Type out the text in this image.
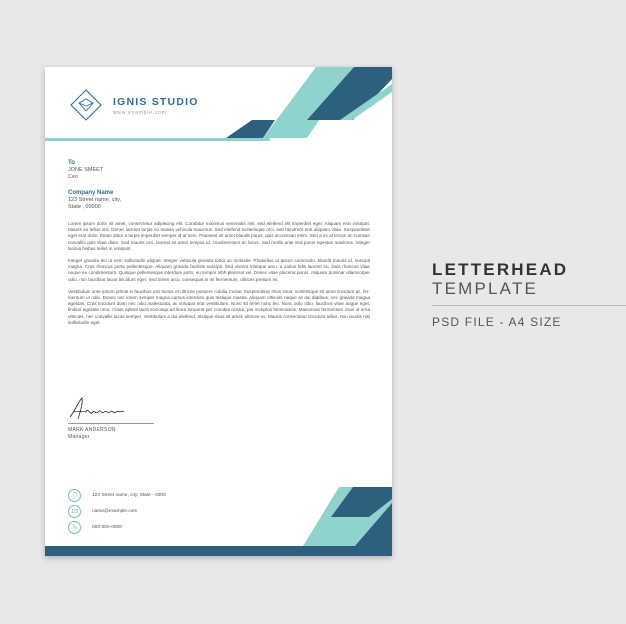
IGNIS STUDIO
www.example.com
To
JONE SMEET
Ceo
Company Name
123 Street name, city,
State , 00000

Lorem ipsum dolor sit amet, consectetur adipiscing elit. Curabitur maximus venenatis nisl, sed eleifend elit imperdiet eget. Aliquam erat volutpat. Mauris eu tellus nisl. Donec laoreet turpis eu massa vehicula maximus. Sed eleifend scelerisque orci, sed hendrerit erat aliquam vitae. Suspendisse eget erat dolor. Etiam dolor a turpis imperdiet semper id at sem. Praesent sit amet blandit purus, quis accumsan enim. Sed a ex at lectus ac-cumsan convallis quis vitae diam. Sed mauris orci, laoreet sit amet tempus id, condimentum ac lacus. Sed mollis ante sed purus egestas maximus. Integer lacinia finibus tellus in volutpat.

Integer gravida leo ut sem sollicitudin aliquet. Integer vehicula gravida tortor ac molestie. Phasellus at ipsum commodo, blandit mauris id, suscipit magna. Cras rhoncus porta pellentesque. Aliquam gravida facilisis suscipit. Sed viverra tristique arcu, a varius felis laoreet eu. Duis rhoncus vitae neque eu condimentum. Quisque pellentesque interdum justo, eu tempor nibh placerat vel. Donec vitae placerat purus. Aliquam pulvinar ullamcorper odio, non faucibus lacus tincidunt eget. Sed lorem arcu, consequat in mi fermentum, ultrices pretium mi.

Vestibulum ante ipsum primis in faucibus orci luctus et ultrices posuere cubilia Curae; Suspendisse risus risus, scelerisque sit amet tincidunt ac, fer-mentum ut odio. Donec nec lorem semper magna cursus interdum quis tristique massa. Aliquam ultricies neque sit dui dapibus, nec gravida magna egestas. Cras tincidunt diam nec odio malesuada, ac volutpat erat vestibulum. Nunc sit amet nunc leo. Nunc odio odio, faucibus vitae augue eget, finibus egestas urna. Class aptent taciti sociosqu ad litora torquent per conubia nostra, per inceptos himenaeos. Maecenas fermentum risus id urna ultricies, nec convallis lacus semper. Vestibulum a dui eleifend, tristique risus sit amet, ultrices ex. Mauris consectetur tincidunt tellus, non iaculis nisl sollicitudin eget.

MARK ANDERSON
Manager
123 Street name, city, State - 0000
name@example.com
000-000-0000
LETTERHEAD
TEMPLATE
PSD FILE - A4 SIZE
